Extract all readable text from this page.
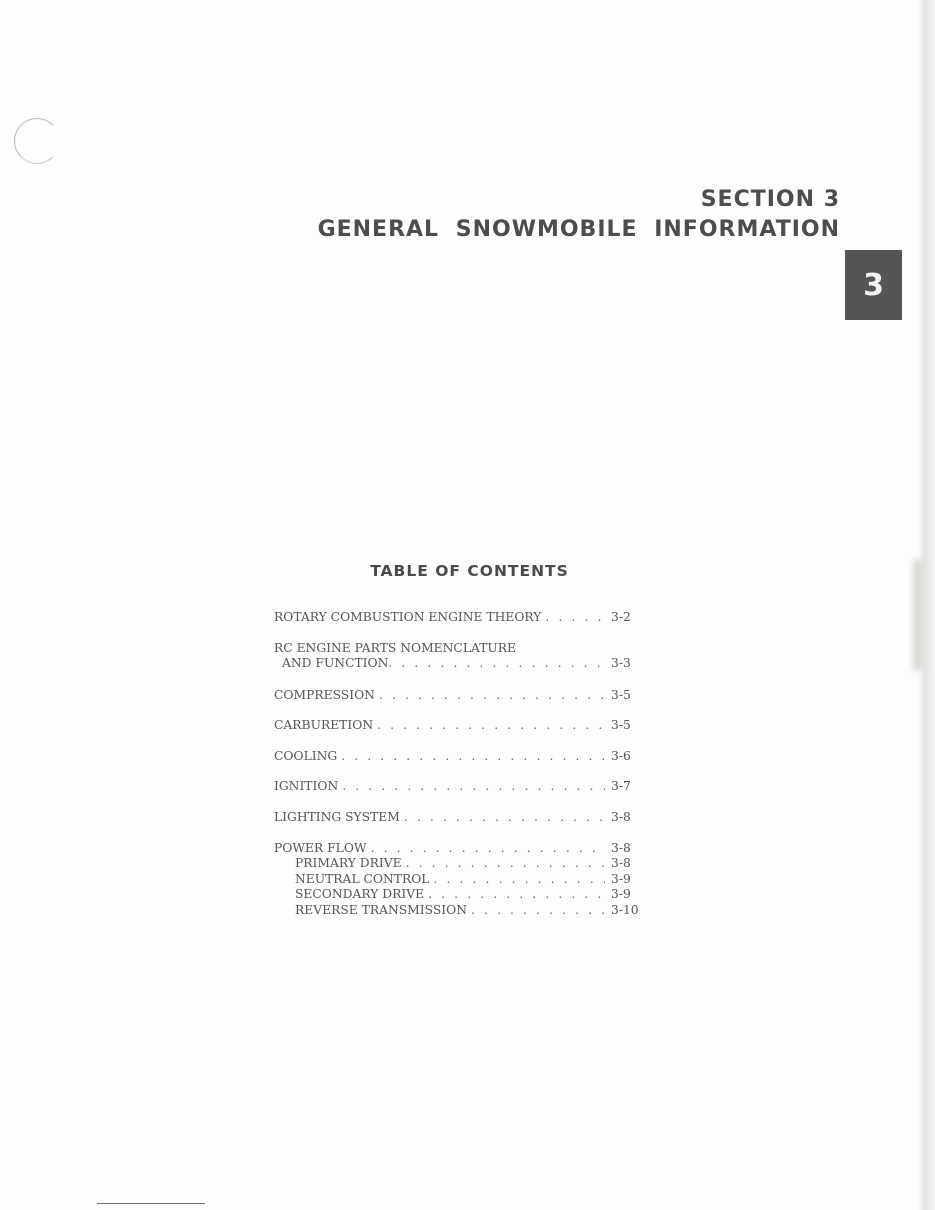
SECTION 3
GENERAL SNOWMOBILE INFORMATION
3
TABLE OF CONTENTS
ROTARY COMBUSTION ENGINE THEORY . . .	3-2
RC ENGINE PARTS NOMENCLATURE
AND FUNCTION . . .	3-3
COMPRESSION . . .	3-5
CARBURETION . . .	3-5
COOLING . . .	3-6
IGNITION . . .	3-7
LIGHTING SYSTEM . . .	3-8
POWER FLOW . . .	3-8
PRIMARY DRIVE . . .	3-8
NEUTRAL CONTROL . . .	3-9
SECONDARY DRIVE . . .	3-9
REVERSE TRANSMISSION . . .	3-10
